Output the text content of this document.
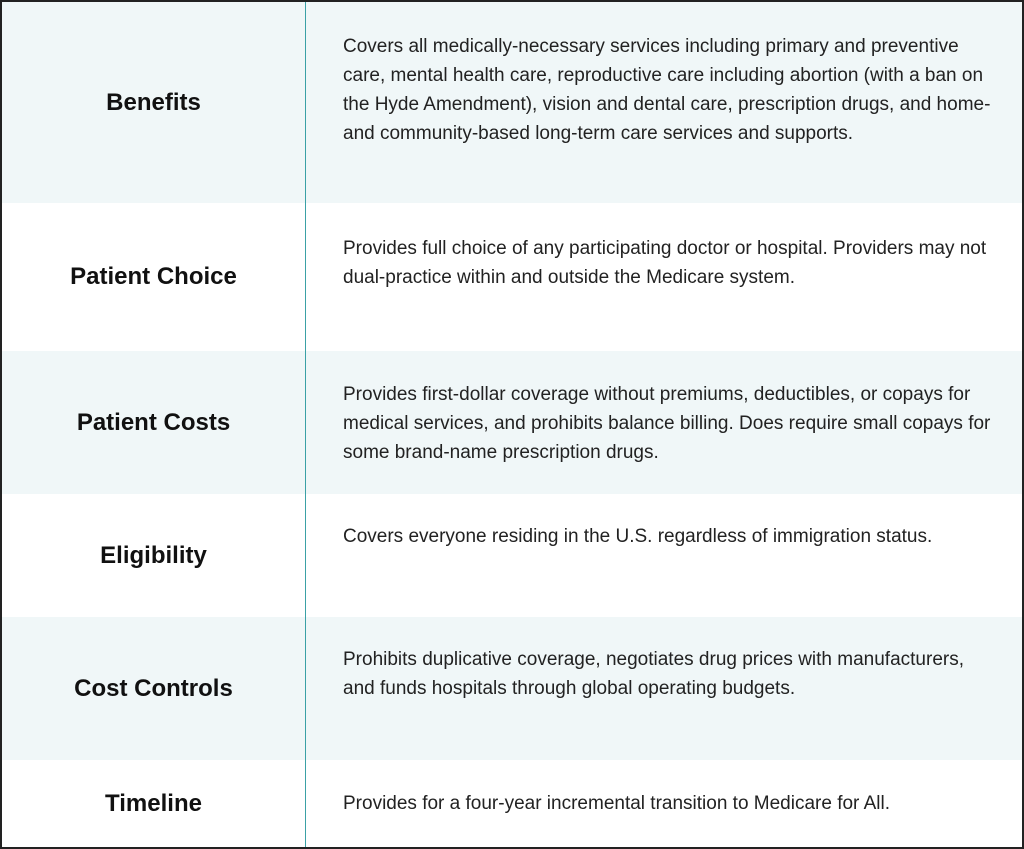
Benefits
Covers all medically-necessary services including primary and preventive care, mental health care, reproductive care including abortion (with a ban on the Hyde Amendment), vision and dental care, prescription drugs, and home- and community-based long-term care services and supports.
Patient Choice
Provides full choice of any participating doctor or hospital. Providers may not dual-practice within and outside the Medicare system.
Patient Costs
Provides first-dollar coverage without premiums, deductibles, or copays for medical services, and prohibits balance billing. Does require small copays for some brand-name prescription drugs.
Eligibility
Covers everyone residing in the U.S. regardless of immigration status.
Cost Controls
Prohibits duplicative coverage, negotiates drug prices with manufacturers, and funds hospitals through global operating budgets.
Timeline	Provides for a four-year incremental transition to Medicare for All.
